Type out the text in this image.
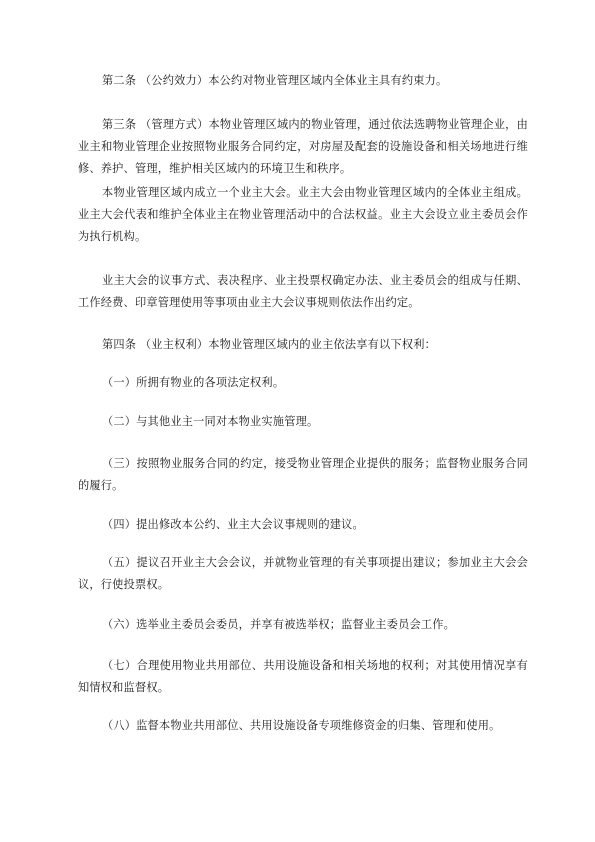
第二条 （公约效力）本公约对物业管理区域内全体业主具有约束力。

第三条 （管理方式）本物业管理区域内的物业管理，通过依法选聘物业管理企业，由业主和物业管理企业按照物业服务合同约定，对房屋及配套的设施设备和相关场地进行维修、养护、管理，维护相关区域内的环境卫生和秩序。

本物业管理区域内成立一个业主大会。业主大会由物业管理区域内的全体业主组成。业主大会代表和维护全体业主在物业管理活动中的合法权益。业主大会设立业主委员会作为执行机构。

业主大会的议事方式、表决程序、业主投票权确定办法、业主委员会的组成与任期、工作经费、印章管理使用等事项由业主大会议事规则依法作出约定。

第四条 （业主权利）本物业管理区域内的业主依法享有以下权利：

（一）所拥有物业的各项法定权利。

（二）与其他业主一同对本物业实施管理。

（三）按照物业服务合同的约定，接受物业管理企业提供的服务；监督物业服务合同的履行。

（四）提出修改本公约、业主大会议事规则的建议。

（五）提议召开业主大会会议，并就物业管理的有关事项提出建议；参加业主大会会议，行使投票权。

（六）选举业主委员会委员，并享有被选举权；监督业主委员会工作。

（七）合理使用物业共用部位、共用设施设备和相关场地的权利；对其使用情况享有知情权和监督权。

（八）监督本物业共用部位、共用设施设备专项维修资金的归集、管理和使用。
